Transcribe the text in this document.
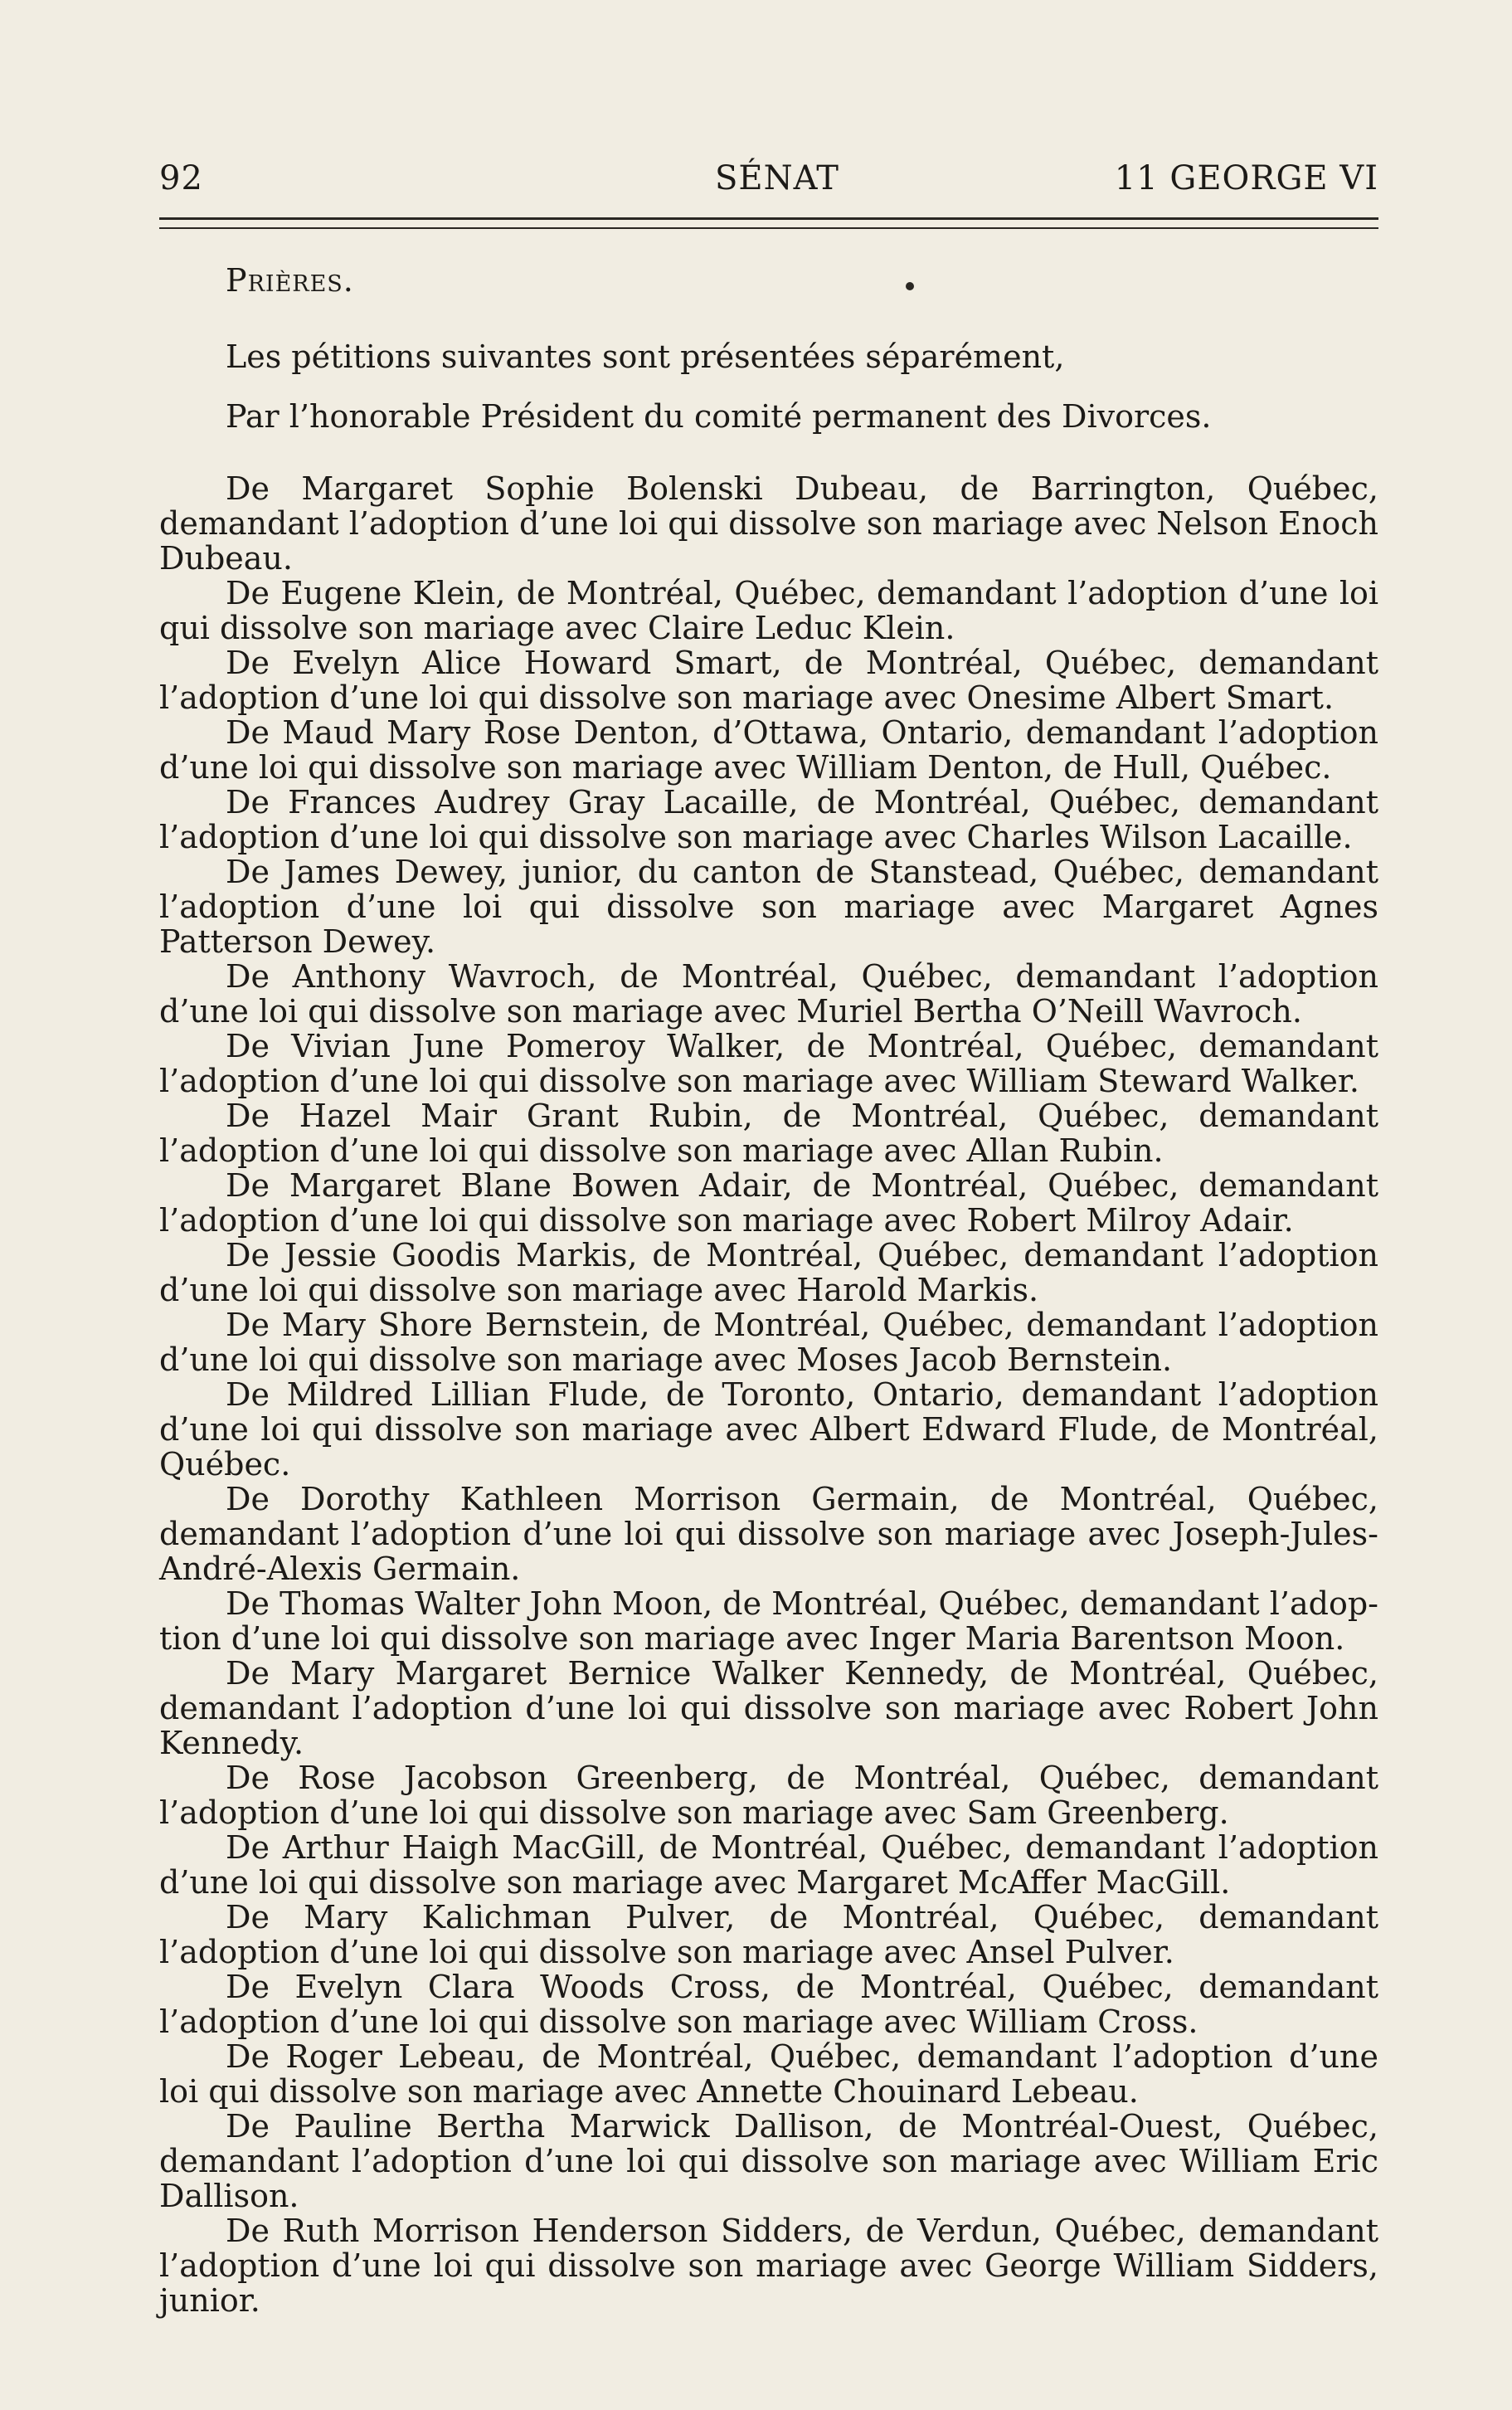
92	SÉNAT	11 GEORGE VI
Prières.
Les pétitions suivantes sont présentées séparément,
Par l’honorable Président du comité permanent des Divorces.

De Margaret Sophie Bolenski Dubeau, de Barrington, Québec, demandant l’adoption d’une loi qui dissolve son mariage avec Nelson Enoch Dubeau.

De Eugene Klein, de Montréal, Québec, demandant l’adoption d’une loi qui dissolve son mariage avec Claire Leduc Klein.

De Evelyn Alice Howard Smart, de Montréal, Québec, demandant l’adoption d’une loi qui dissolve son mariage avec Onesime Albert Smart.

De Maud Mary Rose Denton, d’Ottawa, Ontario, demandant l’adoption d’une loi qui dissolve son mariage avec William Denton, de Hull, Québec.

De Frances Audrey Gray Lacaille, de Montréal, Québec, demandant l’adoption d’une loi qui dissolve son mariage avec Charles Wilson Lacaille.

De James Dewey, junior, du canton de Stanstead, Québec, demandant l’adoption d’une loi qui dissolve son mariage avec Margaret Agnes Patterson Dewey.

De Anthony Wavroch, de Montréal, Québec, demandant l’adoption d’une loi qui dissolve son mariage avec Muriel Bertha O’Neill Wavroch.

De Vivian June Pomeroy Walker, de Montréal, Québec, demandant l’adoption d’une loi qui dissolve son mariage avec William Steward Walker.

De Hazel Mair Grant Rubin, de Montréal, Québec, demandant l’adoption d’une loi qui dissolve son mariage avec Allan Rubin.

De Margaret Blane Bowen Adair, de Montréal, Québec, demandant l’adoption d’une loi qui dissolve son mariage avec Robert Milroy Adair.

De Jessie Goodis Markis, de Montréal, Québec, demandant l’adoption d’une loi qui dissolve son mariage avec Harold Markis.

De Mary Shore Bernstein, de Montréal, Québec, demandant l’adoption d’une loi qui dissolve son mariage avec Moses Jacob Bernstein.

De Mildred Lillian Flude, de Toronto, Ontario, demandant l’adoption d’une loi qui dissolve son mariage avec Albert Edward Flude, de Montréal, Québec.

De Dorothy Kathleen Morrison Germain, de Montréal, Québec, demandant l’adoption d’une loi qui dissolve son mariage avec Joseph-Jules-André-Alexis Germain.

De Thomas Walter John Moon, de Montréal, Québec, demandant l’adoption d’une loi qui dissolve son mariage avec Inger Maria Barentson Moon.

De Mary Margaret Bernice Walker Kennedy, de Montréal, Québec, demandant l’adoption d’une loi qui dissolve son mariage avec Robert John Kennedy.

De Rose Jacobson Greenberg, de Montréal, Québec, demandant l’adoption d’une loi qui dissolve son mariage avec Sam Greenberg.

De Arthur Haigh MacGill, de Montréal, Québec, demandant l’adoption d’une loi qui dissolve son mariage avec Margaret McAffer MacGill.

De Mary Kalichman Pulver, de Montréal, Québec, demandant l’adoption d’une loi qui dissolve son mariage avec Ansel Pulver.

De Evelyn Clara Woods Cross, de Montréal, Québec, demandant l’adoption d’une loi qui dissolve son mariage avec William Cross.

De Roger Lebeau, de Montréal, Québec, demandant l’adoption d’une loi qui dissolve son mariage avec Annette Chouinard Lebeau.

De Pauline Bertha Marwick Dallison, de Montréal-Ouest, Québec, demandant l’adoption d’une loi qui dissolve son mariage avec William Eric Dallison.

De Ruth Morrison Henderson Sidders, de Verdun, Québec, demandant l’adoption d’une loi qui dissolve son mariage avec George William Sidders, junior.
